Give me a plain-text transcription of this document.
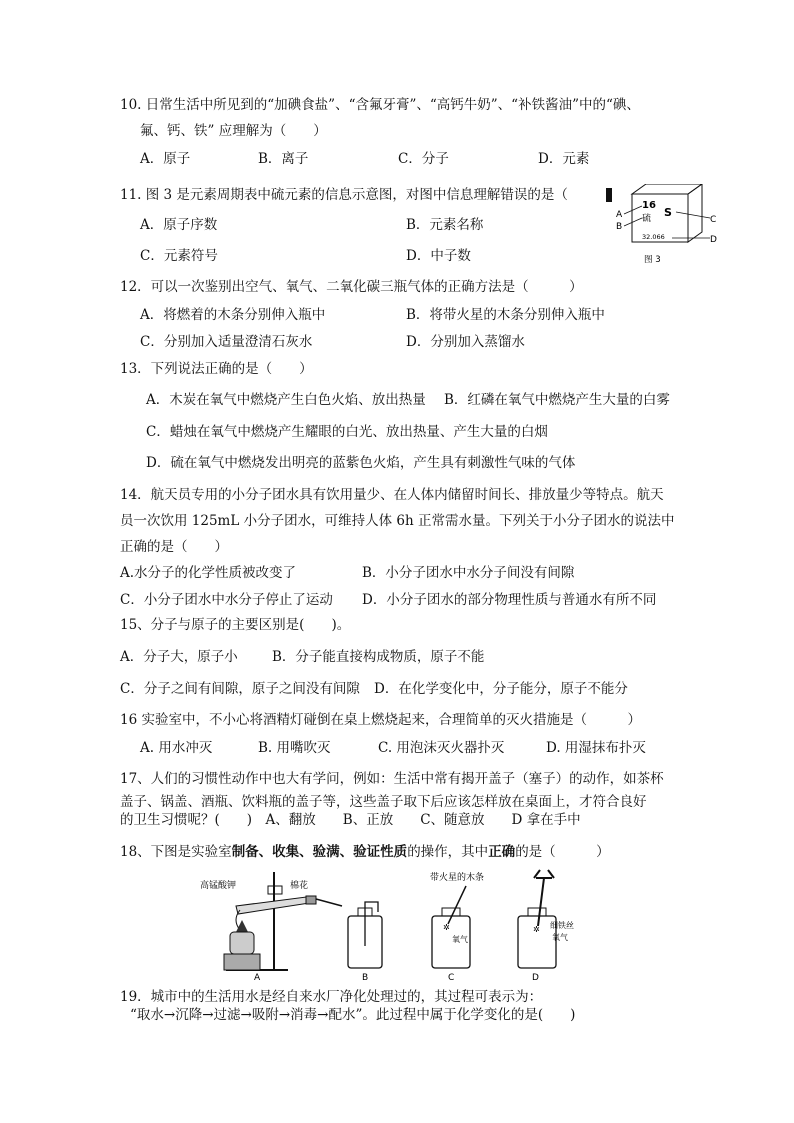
10. 日常生活中所见到的“加碘食盐”、“含氟牙膏”、“高钙牛奶”、“补铁酱油”中的“碘、
氟、钙、铁” 应理解为（　　）
A．原子	B．离子	C．分子	D．元素
11. 图 3 是元素周期表中硫元素的信息示意图，对图中信息理解错误的是（
A．原子序数	B．元素名称
C．元素符号	D．中子数
16
S
硫
32.066
A
B
C
D
图 3
12．可以一次鉴别出空气、氧气、二氧化碳三瓶气体的正确方法是（　　　）
A．将燃着的木条分别伸入瓶中	B．将带火星的木条分别伸入瓶中
C．分别加入适量澄清石灰水	D．分别加入蒸馏水
13．下列说法正确的是（　　）
A．木炭在氧气中燃烧产生白色火焰、放出热量 B．红磷在氧气中燃烧产生大量的白雾
C．蜡烛在氧气中燃烧产生耀眼的白光、放出热量、产生大量的白烟
D．硫在氧气中燃烧发出明亮的蓝紫色火焰，产生具有刺激性气味的气体
14．航天员专用的小分子团水具有饮用量少、在人体内储留时间长、排放量少等特点。航天
员一次饮用 125mL 小分子团水，可维持人体 6h 正常需水量。下列关于小分子团水的说法中
正确的是（　　）
A.水分子的化学性质被改变了	B．小分子团水中水分子间没有间隙
C．小分子团水中水分子停止了运动 D．小分子团水的部分物理性质与普通水有所不同
15、分子与原子的主要区别是(　　)。
A．分子大，原子小	B．分子能直接构成物质，原子不能
C．分子之间有间隙，原子之间没有间隙 D．在化学变化中，分子能分，原子不能分
16 实验室中，不小心将酒精灯碰倒在桌上燃烧起来，合理简单的灭火措施是（　　　）
A. 用水冲灭	B. 用嘴吹灭	C. 用泡沫灭火器扑灭	D. 用湿抹布扑灭
17、人们的习惯性动作中也大有学问，例如：生活中常有揭开盖子（塞子）的动作，如茶杯
盖子、锅盖、酒瓶、饮料瓶的盖子等，这些盖子取下后应该怎样放在桌面上，才符合良好
的卫生习惯呢？(　　)　A、翻放　　B、正放　　C、随意放　　D 拿在手中
18、下图是实验室制备、收集、验满、验证性质的操作，其中正确的是（　　　）
高锰酸钾	棉花
A	B
✲
带火星的木条
氧气
C
✲ 细铁丝
氧气
D
19．城市中的生活用水是经自来水厂净化处理过的，其过程可表示为：
“取水→沉降→过滤→吸附→消毒→配水”。此过程中属于化学变化的是(　　)
